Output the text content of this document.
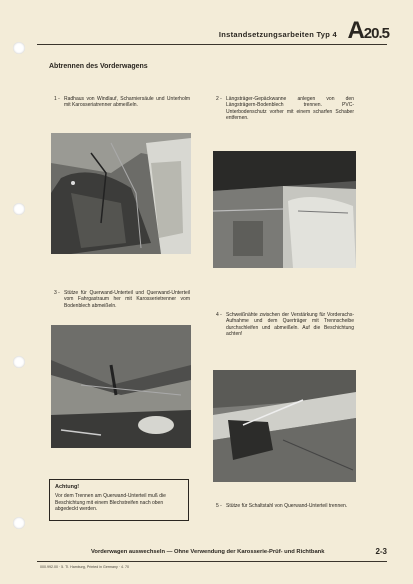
Instandsetzungsarbeiten Typ 4 A20.5
Abtrennen des Vorderwagens
1 - Radhaus von Windlauf, Scharniersäule und Unterholm mit Karosseriatrenner abmeißeln.
2 - Längsträger-Gepäckwanne anlegen von den Längsträgern-Bodenblech trennen. PVC-Unterbodenschutz vorher mit einem scharfen Schaber entfernen.
3 - Stütze für Querwand-Unterteil und Querwand-Unterteil vom Fahrgastraum her mit Karosserietrenner vom Bodenblech abmeißeln.
4 - Schweißnähte zwischen der Verstärkung für Vorderachs-Aufnahme und dem Querträger mit Trennscheibe durchschleifen und abmeißeln. Auf die Beschichtung achten!
Achtung!
Vor dem Trennen am Querwand-Unterteil muß die Beschichtung mit einem Blechstreifen nach oben abgedeckt werden.	5 - Stütze für Schaltstahl von Querwand-Unterteil trennen.
Vorderwagen auswechseln — Ohne Verwendung der Karosserie-Prüf- und Richtbank	2-3
000.992.00 · 5. Tl. Hamburg, Printed in Germany · 4. 70
